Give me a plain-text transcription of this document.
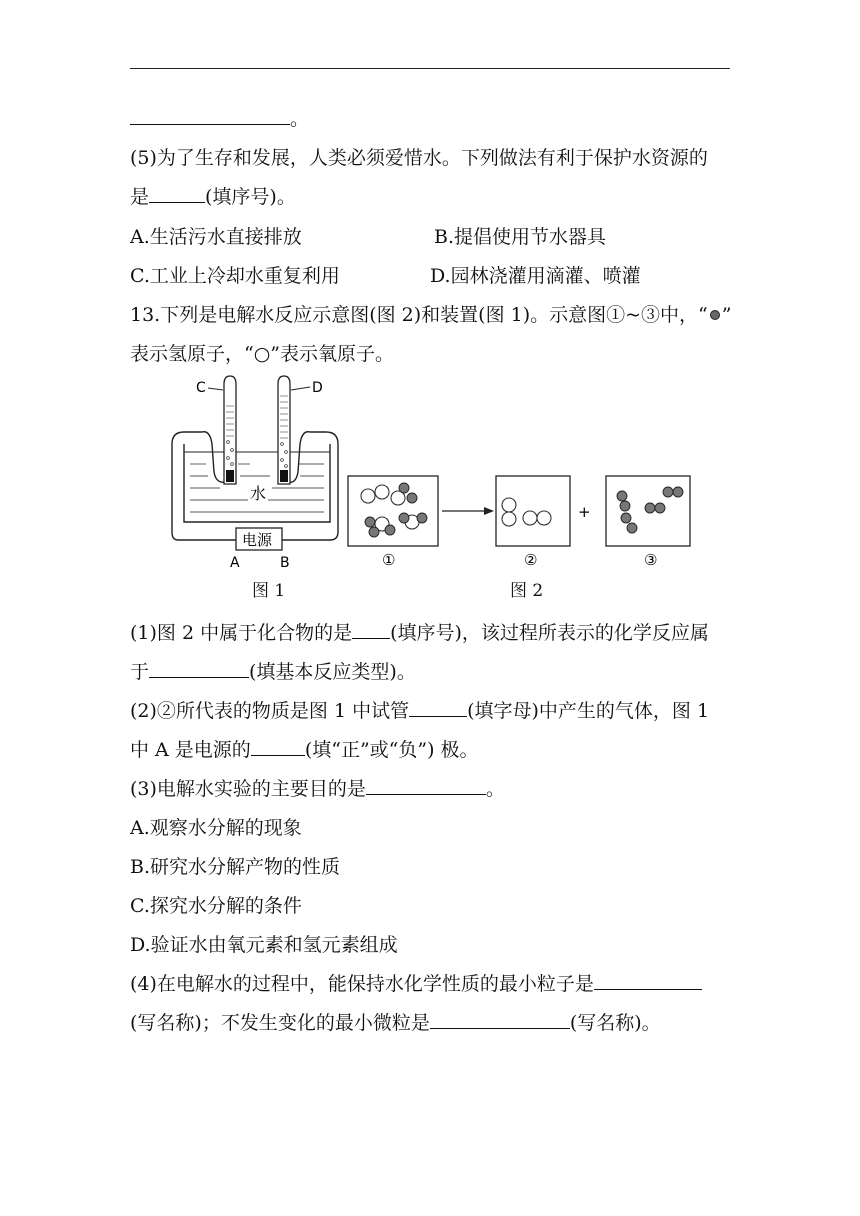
。
(5)为了生存和发展，人类必须爱惜水。下列做法有利于保护水资源的
是	(填序号)。
A.生活污水直接排放	B.提倡使用节水器具
C.工业上冷却水重复利用	D.园林浇灌用滴灌、喷灌
13.下列是电解水反应示意图(图 2)和装置(图 1)。示意图①~③中，“ ”
表示氢原子，“○”表示氧原子。
C	D
水
电源
A	B
+
①	②	③
图 1	图 2
(1)图 2 中属于化合物的是 (填序号)，该过程所表示的化学反应属
于	(填基本反应类型)。
(2)②所代表的物质是图 1 中试管	(填字母)中产生的气体，图 1
中 A 是电源的	(填“正”或“负”) 极。
(3)电解水实验的主要目的是	。
A.观察水分解的现象
B.研究水分解产物的性质
C.探究水分解的条件
D.验证水由氧元素和氢元素组成
(4)在电解水的过程中，能保持水化学性质的最小粒子是
(写名称)；不发生变化的最小微粒是	(写名称)。
